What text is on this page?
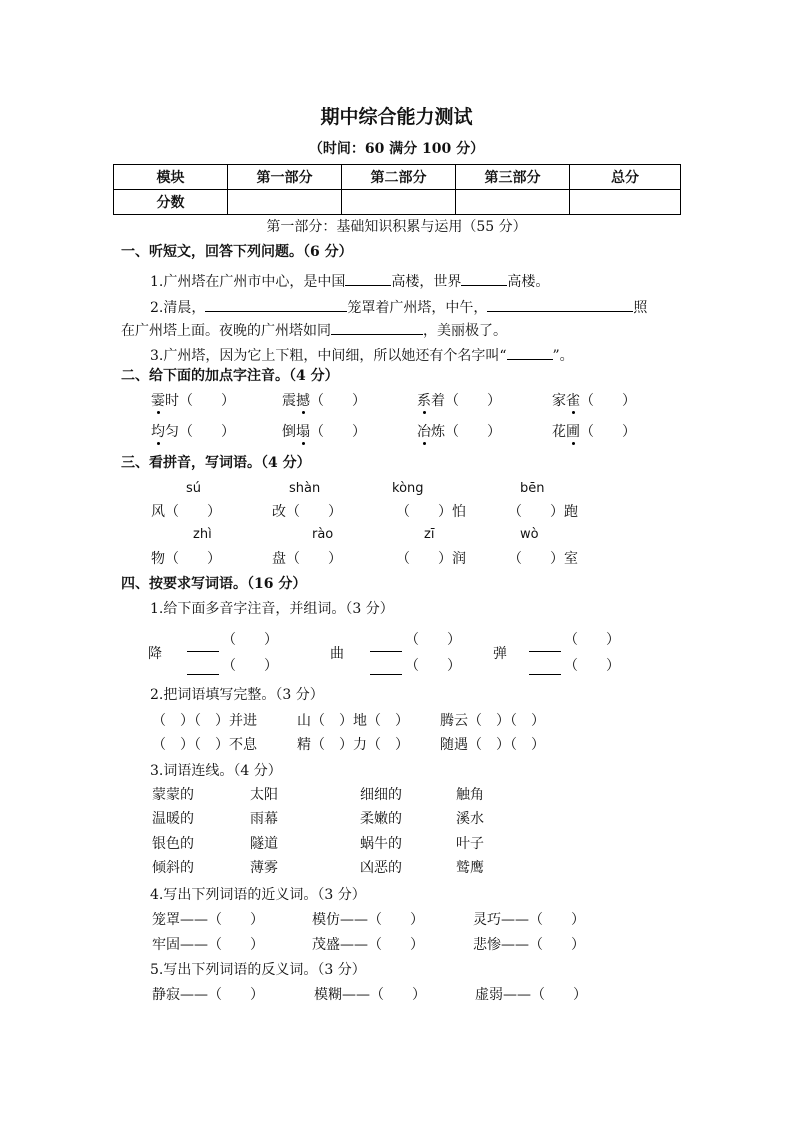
期中综合能力测试
（时间：60 满分 100 分）
模块	第一部分	第二部分	第三部分	总分
分数				
第一部分：基础知识积累与运用（55 分）
一、听短文，回答下列问题。（6 分）
1.广州塔在广州市中心，是中国	高楼，世界	高楼。
2.清晨，	笼罩着广州塔，中午，	照
在广州塔上面。夜晚的广州塔如同	，美丽极了。
3.广州塔，因为它上下粗，中间细，所以她还有个名字叫“	”。
二、给下面的加点字注音。（4 分）
霎时（　　）	震撼（　　）	系着（　　）	家雀（　　）
均匀（　　）	倒塌（　　）	冶炼（　　）	花圃（　　）
三、看拼音，写词语。（4 分）
sú	shàn	kòng	bēn
风（　　）	改（　　）	（　　）怕	（　　）跑
zhì	rào	zī	wò
物（　　）	盘（　　）	（　　）润	（　　）室
四、按要求写词语。（16 分）
1.给下面多音字注音，并组词。（3 分）
降
（　　）
（　　）
曲
（　　）
（　　）
弹
（　　）
（　　）
2.把词语填写完整。（3 分）
（　）（　）并进	山（　）地（　） 腾云（　）（　）
（　）（　）不息	精（　）力（　） 随遇（　）（　）
3.词语连线。（4 分）
蒙蒙的	太阳	细细的	触角
温暖的	雨幕	柔嫩的	溪水
银色的	隧道	蜗牛的	叶子
倾斜的	薄雾	凶恶的	鹫鹰
4.写出下列词语的近义词。（3 分）
笼罩——（　　）	模仿——（　　）	灵巧——（　　）
牢固——（　　）	茂盛——（　　）	悲惨——（　　）
5.写出下列词语的反义词。（3 分）
静寂——（　　）	模糊——（　　）	虚弱——（　　）
